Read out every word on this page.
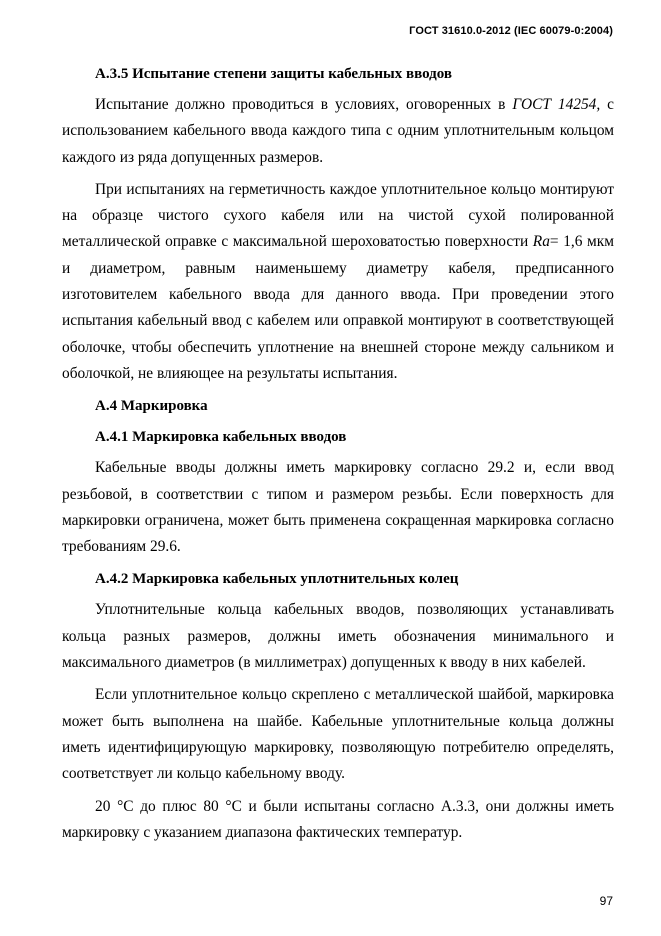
ГОСТ 31610.0-2012 (IEC 60079-0:2004)
А.3.5 Испытание степени защиты кабельных вводов

Испытание должно проводиться в условиях, оговоренных в ГОСТ 14254, с использованием кабельного ввода каждого типа с одним уплотнительным кольцом каждого из ряда допущенных размеров.

При испытаниях на герметичность каждое уплотнительное кольцо монтируют на образце чистого сухого кабеля или на чистой сухой полированной металлической оправке с максимальной шероховатостью поверхности Ra= 1,6 мкм и диаметром, равным наименьшему диаметру кабеля, предписанного изготовителем кабельного ввода для данного ввода. При проведении этого испытания кабельный ввод с кабелем или оправкой монтируют в соответствующей оболочке, чтобы обеспечить уплотнение на внешней стороне между сальником и оболочкой, не влияющее на результаты испытания.

А.4 Маркировка
А.4.1 Маркировка кабельных вводов

Кабельные вводы должны иметь маркировку согласно 29.2 и, если ввод резьбовой, в соответствии с типом и размером резьбы. Если поверхность для маркировки ограничена, может быть применена сокращенная маркировка согласно требованиям 29.6.

А.4.2 Маркировка кабельных уплотнительных колец

Уплотнительные кольца кабельных вводов, позволяющих устанавливать кольца разных размеров, должны иметь обозначения минимального и максимального диаметров (в миллиметрах) допущенных к вводу в них кабелей.

Если уплотнительное кольцо скреплено с металлической шайбой, маркировка может быть выполнена на шайбе. Кабельные уплотнительные кольца должны иметь идентифицирующую маркировку, позволяющую потребителю определять, соответствует ли кольцо кабельному вводу.

20 °С до плюс 80 °С и были испытаны согласно А.3.3, они должны иметь маркировку с указанием диапазона фактических температур.

97
